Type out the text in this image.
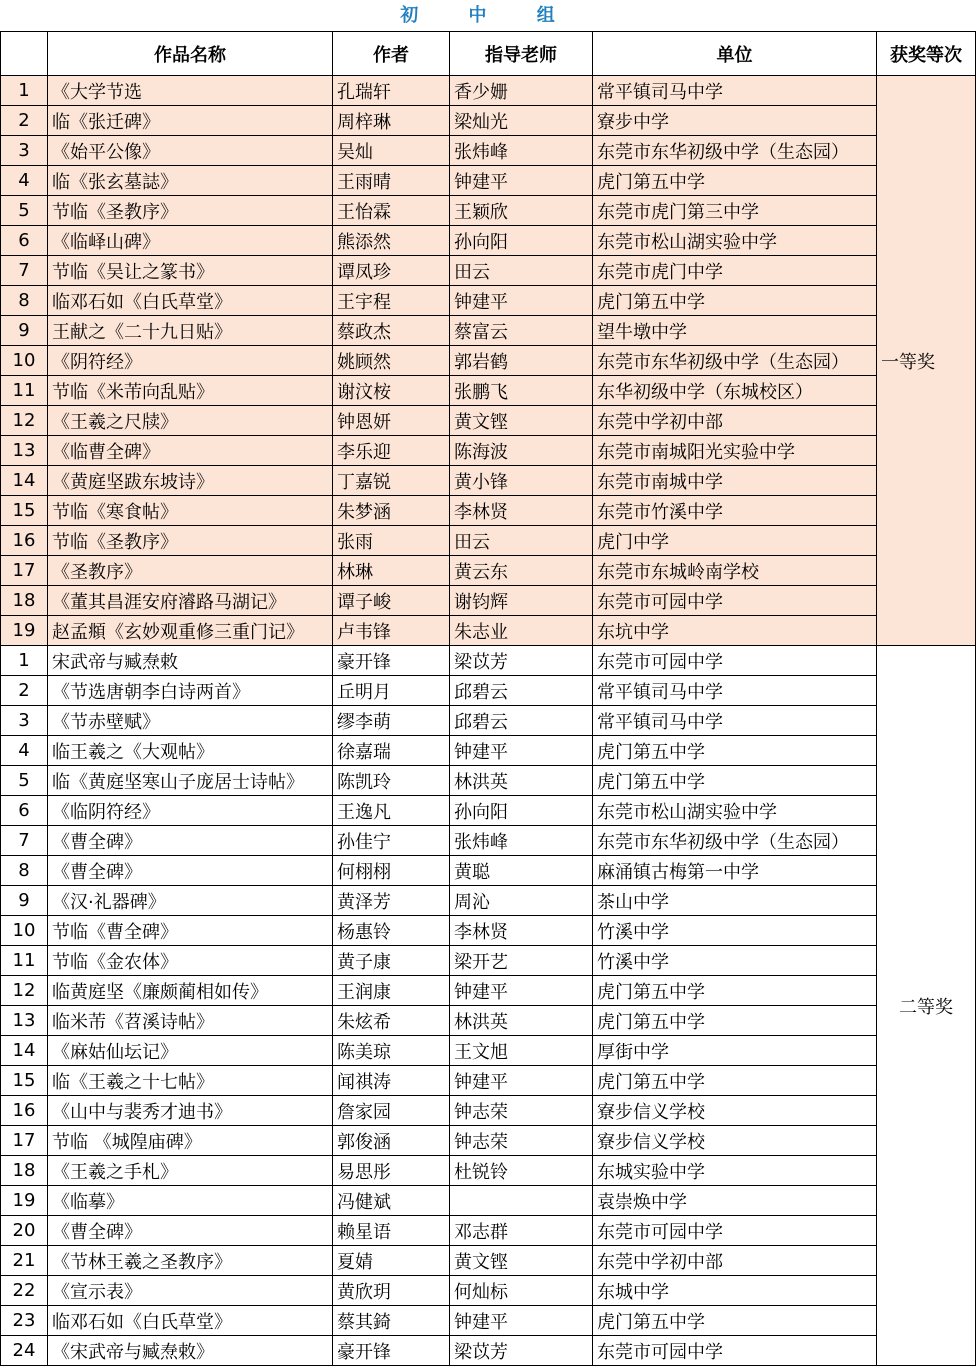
初 中 组
	作品名称	作者	指导老师	单位	获奖等次
1	《大学节选	孔瑞轩	香少姗	常平镇司马中学	一等奖
2	临《张迁碑》	周梓琳	梁灿光	寮步中学	
3	《始平公像》	吴灿	张炜峰	东莞市东华初级中学（生态园）	
4	临《张玄墓誌》	王雨晴	钟建平	虎门第五中学	
5	节临《圣教序》	王怡霖	王颖欣	东莞市虎门第三中学	
6	《临峄山碑》	熊添然	孙向阳	东莞市松山湖实验中学	
7	节临《吴让之篆书》	谭凤珍	田云	东莞市虎门中学	
8	临邓石如《白氏草堂》	王宇程	钟建平	虎门第五中学	
9	王献之《二十九日贴》	蔡政杰	蔡富云	望牛墩中学	
10	《阴符经》	姚顾然	郭岩鹤	东莞市东华初级中学（生态园）	
11	节临《米芾向乱贴》	谢汶桉	张鹏飞	东华初级中学（东城校区）	
12	《王羲之尺牍》	钟恩妍	黄文铿	东莞中学初中部	
13	《临曹全碑》	李乐迎	陈海波	东莞市南城阳光实验中学	
14	《黄庭坚跋东坡诗》	丁嘉锐	黄小锋	东莞市南城中学	
15	节临《寒食帖》	朱梦涵	李林贤	东莞市竹溪中学	
16	节临《圣教序》	张雨	田云	虎门中学	
17	《圣教序》	林琳	黄云东	东莞市东城岭南学校	
18	《董其昌涯安府濬路马湖记》	谭子峻	谢钧辉	东莞市可园中学	
19	赵孟頫《玄妙观重修三重门记》	卢韦锋	朱志业	东坑中学	
1	宋武帝与臧焘敕	豪开锋	梁苡芳	东莞市可园中学	二等奖
2	《节选唐朝李白诗两首》	丘明月	邱碧云	常平镇司马中学	
3	《节赤壁赋》	缪李萌	邱碧云	常平镇司马中学	
4	临王羲之《大观帖》	徐嘉瑞	钟建平	虎门第五中学	
5	临《黄庭坚寒山子庞居士诗帖》	陈凯玲	林洪英	虎门第五中学	
6	《临阴符经》	王逸凡	孙向阳	东莞市松山湖实验中学	
7	《曹全碑》	孙佳宁	张炜峰	东莞市东华初级中学（生态园）	
8	《曹全碑》	何栩栩	黄聪	麻涌镇古梅第一中学	
9	《汉·礼器碑》	黄泽芳	周沁	茶山中学	
10	节临《曹全碑》	杨惠铃	李林贤	竹溪中学	
11	节临《金农体》	黄子康	梁开艺	竹溪中学	
12	临黄庭坚《廉颇蔺相如传》	王润康	钟建平	虎门第五中学	
13	临米芾《苕溪诗帖》	朱炫希	林洪英	虎门第五中学	
14	《麻姑仙坛记》	陈美琼	王文旭	厚街中学	
15	临《王羲之十七帖》	闻祺涛	钟建平	虎门第五中学	
16	《山中与裴秀才迪书》	詹家园	钟志荣	寮步信义学校	
17	节临 《城隍庙碑》	郭俊涵	钟志荣	寮步信义学校	
18	《王羲之手札》	易思彤	杜锐铃	东城实验中学	
19	《临摹》	冯健斌		袁崇焕中学	
20	《曹全碑》	赖星语	邓志群	东莞市可园中学	
21	《节林王羲之圣教序》	夏婧	黄文铿	东莞中学初中部	
22	《宣示表》	黄欣玥	何灿标	东城中学	
23	临邓石如《白氏草堂》	蔡其錡	钟建平	虎门第五中学	
24	《宋武帝与臧焘敕》	豪开锋	梁苡芳	东莞市可园中学	
